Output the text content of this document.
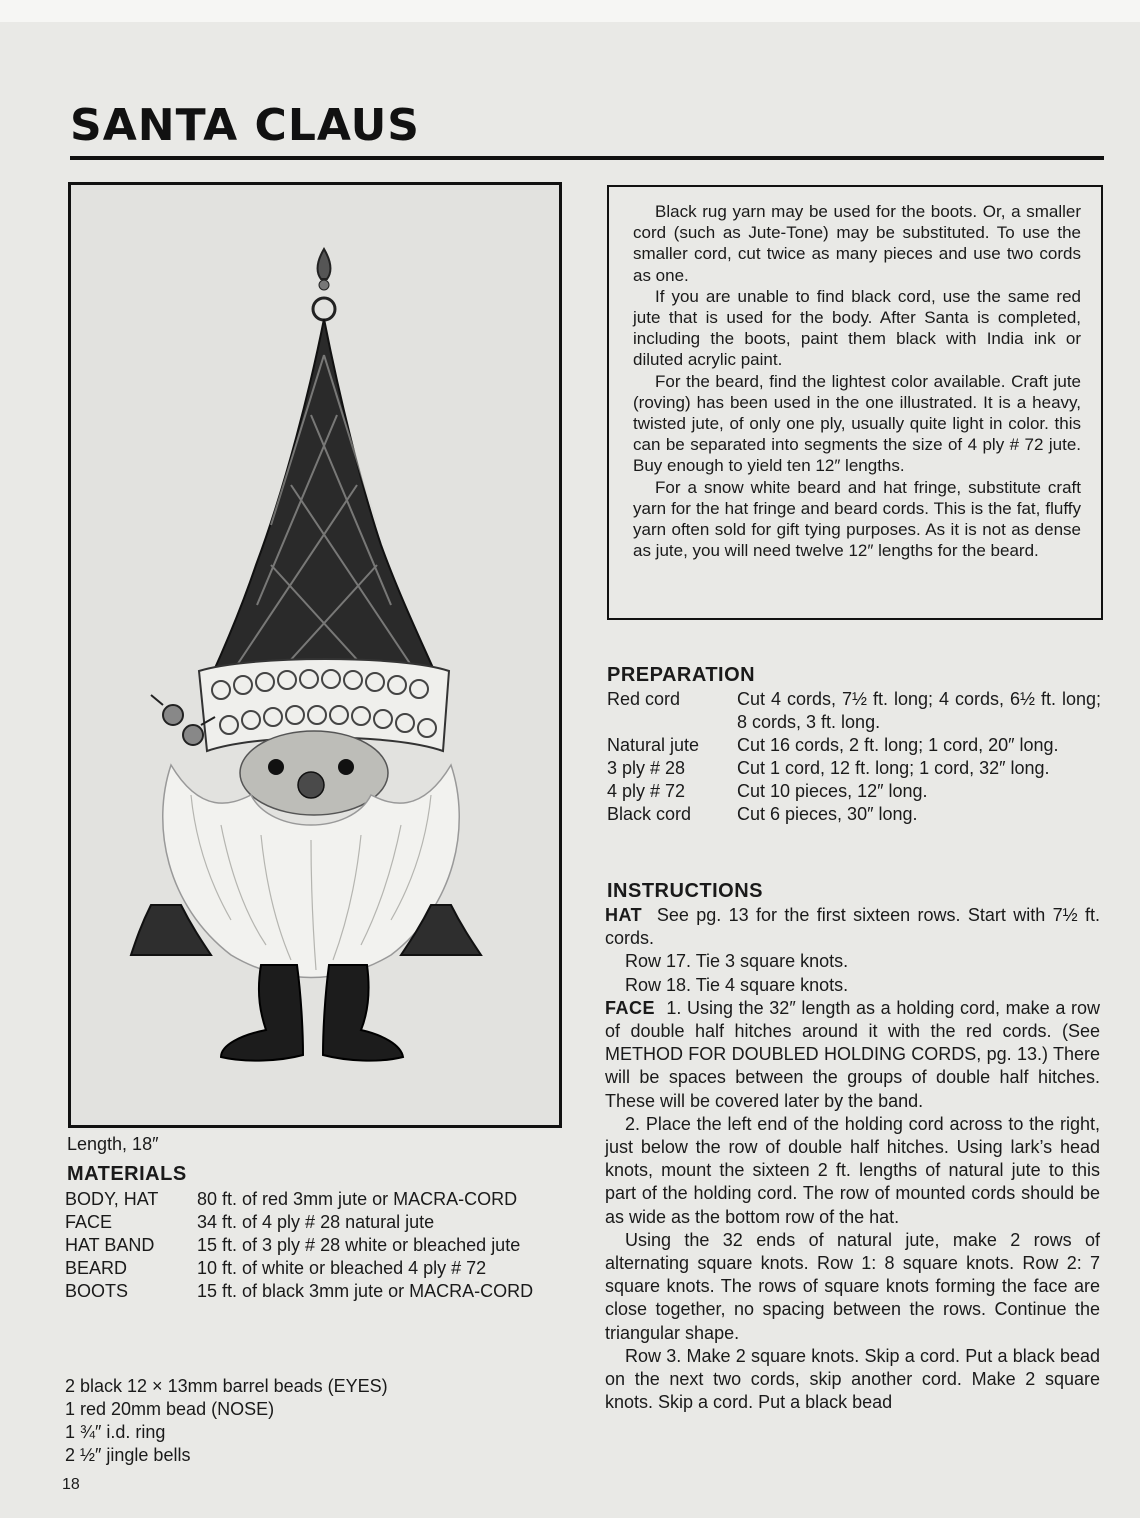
SANTA CLAUS
Length, 18″
MATERIALS
BODY, HAT	80 ft. of red 3mm jute or MACRA-CORD
FACE	34 ft. of 4 ply # 28 natural jute
HAT BAND	15 ft. of 3 ply # 28 white or bleached jute
BEARD	10 ft. of white or bleached 4 ply # 72
BOOTS	15 ft. of black 3mm jute or MACRA-CORD
2 black 12 × 13mm barrel beads (EYES)
1 red 20mm bead (NOSE)
1 ¾″ i.d. ring
2 ½″ jingle bells
18

Black rug yarn may be used for the boots. Or, a smaller cord (such as Jute-Tone) may be substituted. To use the smaller cord, cut twice as many pieces and use two cords as one.

If you are unable to find black cord, use the same red jute that is used for the body. After Santa is completed, including the boots, paint them black with India ink or diluted acrylic paint.

For the beard, find the lightest color available. Craft jute (roving) has been used in the one illustrated. It is a heavy, twisted jute, of only one ply, usually quite light in color. this can be separated into segments the size of 4 ply # 72 jute. Buy enough to yield ten 12″ lengths.

For a snow white beard and hat fringe, substitute craft yarn for the hat fringe and beard cords. This is the fat, fluffy yarn often sold for gift tying purposes. As it is not as dense as jute, you will need twelve 12″ lengths for the beard.

PREPARATION
Red cord	Cut 4 cords, 7½ ft. long; 4 cords, 6½ ft. long; 8 cords, 3 ft. long.
Natural jute	Cut 16 cords, 2 ft. long; 1 cord, 20″ long.
3 ply # 28	Cut 1 cord, 12 ft. long; 1 cord, 32″ long.
4 ply # 72	Cut 10 pieces, 12″ long.
Black cord	Cut 6 pieces, 30″ long.
INSTRUCTIONS

HAT See pg. 13 for the first sixteen rows. Start with 7½ ft. cords.

Row 17. Tie 3 square knots.

Row 18. Tie 4 square knots.

FACE 1. Using the 32″ length as a holding cord, make a row of double half hitches around it with the red cords. (See METHOD FOR DOUBLED HOLDING CORDS, pg. 13.) There will be spaces between the groups of double half hitches. These will be covered later by the band.

2. Place the left end of the holding cord across to the right, just below the row of double half hitches. Using lark’s head knots, mount the sixteen 2 ft. lengths of natural jute to this part of the holding cord. The row of mounted cords should be as wide as the bottom row of the hat.

Using the 32 ends of natural jute, make 2 rows of alternating square knots. Row 1: 8 square knots. Row 2: 7 square knots. The rows of square knots forming the face are close together, no spacing between the rows. Continue the triangular shape.

Row 3. Make 2 square knots. Skip a cord. Put a black bead on the next two cords, skip another cord. Make 2 square knots. Skip a cord. Put a black bead
